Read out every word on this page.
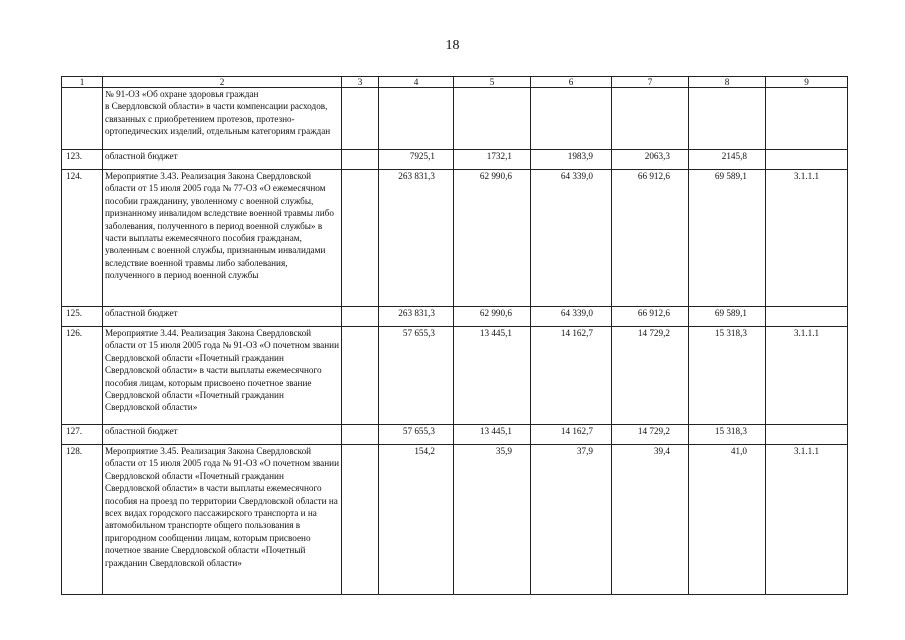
18
1	2	3	4	5	6	7	8	9
	№ 91-ОЗ «Об охране здоровья граждан
в Свердловской области» в части компенсации расходов, связанных с приобретением протезов, протезно-ортопедических изделий, отдельным категориям граждан							
123.	областной бюджет		7925,1	1732,1	1983,9	2063,3	2145,8	
124.	Мероприятие 3.43. Реализация Закона Свердловской области от 15 июля 2005 года № 77-ОЗ «О ежемесячном пособии гражданину, уволенному с военной службы, признанному инвалидом вследствие военной травмы либо заболевания, полученного в период военной службы» в части выплаты ежемесячного пособия гражданам, уволенным с военной службы, признанным инвалидами вследствие военной травмы либо заболевания, полученного в период военной службы		263 831,3	62 990,6	64 339,0	66 912,6	69 589,1	3.1.1.1
125.	областной бюджет		263 831,3	62 990,6	64 339,0	66 912,6	69 589,1	
126.	Мероприятие 3.44. Реализация Закона Свердловской области от 15 июля 2005 года № 91-ОЗ «О почетном звании Свердловской области «Почетный гражданин Свердловской области» в части выплаты ежемесячного пособия лицам, которым присвоено почетное звание Свердловской области «Почетный гражданин Свердловской области»		57 655,3	13 445,1	14 162,7	14 729,2	15 318,3	3.1.1.1
127.	областной бюджет		57 655,3	13 445,1	14 162,7	14 729,2	15 318,3	
128.	Мероприятие 3.45. Реализация Закона Свердловской области от 15 июля 2005 года № 91-ОЗ «О почетном звании Свердловской области «Почетный гражданин Свердловской области» в части выплаты ежемесячного пособия на проезд по территории Свердловской области на всех видах городского пассажирского транспорта и на автомобильном транспорте общего пользования в пригородном сообщении лицам, которым присвоено почетное звание Свердловской области «Почетный гражданин Свердловской области»		154,2	35,9	37,9	39,4	41,0	3.1.1.1
